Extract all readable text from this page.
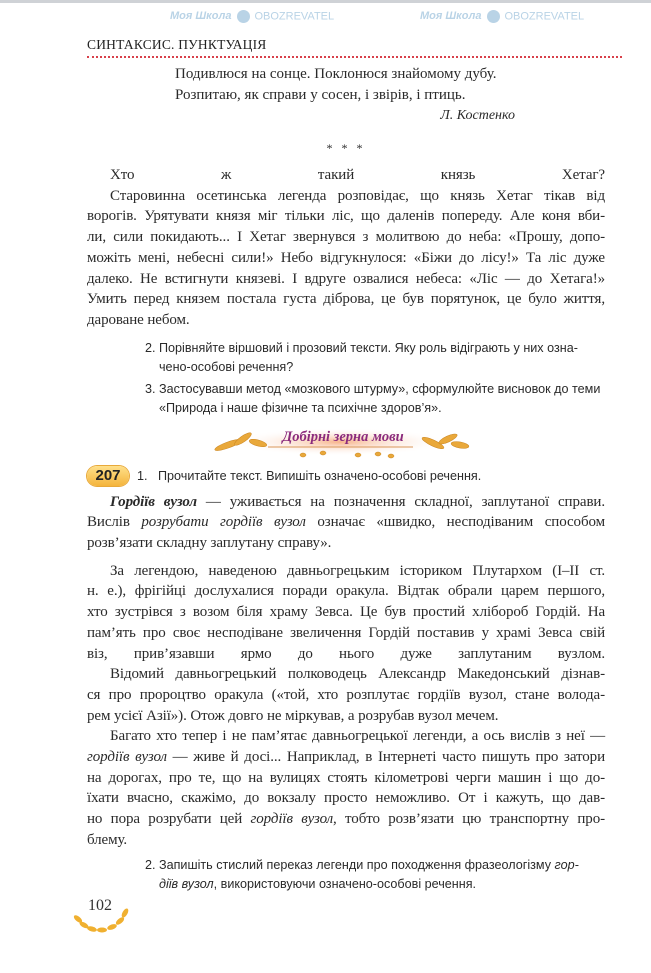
Моя Школа OBOZREVATEL	Моя Школа OBOZREVATEL
СИНТАКСИС. ПУНКТУАЦІЯ
Подивлюся на сонце. Поклонюся знайомому дубу.
Розпитаю, як справи у сосен, і звірів, і птиць.
Л. Костенко
* * *
Хто ж такий князь Хетаг?
Старовинна осетинська легенда розповідає, що князь Хетаг тікав від
ворогів. Урятувати князя міг тільки ліс, що даленів попереду. Але коня вби-
ли, сили покидають... І Хетаг звернувся з молитвою до неба: «Прошу, допо-
можіть мені, небесні сили!» Небо відгукнулося: «Біжи до лісу!» Та ліс дуже
далеко. Не встигнути князеві. І вдруге озвалися небеса: «Ліс — до Хетага!»
Умить перед князем постала густа діброва, це був порятунок, це було життя,
дароване небом.
2. Порівняйте віршовий і прозовий тексти. Яку роль відіграють у них озна-
чено-особові речення?
3. Застосувавши метод «мозкового штурму», сформулюйте висновок до теми
«Природа і наше фізичне та психічне здоров’я».
Добірні зерна мови
207	1. Прочитайте текст. Випишіть означено-особові речення.
Гордіїв вузол — уживається на позначення складної, заплутаної справи.
Вислів розрубати гордіїв вузол означає «швидко, несподіваним способом
розв’язати складну заплутану справу».
За легендою, наведеною давньогрецьким істориком Плутархом (I–II ст.
н. е.), фрігійці дослухалися поради оракула. Відтак обрали царем першого,
хто зустрівся з возом біля храму Зевса. Це був простий хлібороб Гордій. На
пам’ять про своє несподіване звеличення Гордій поставив у храмі Зевса свій
віз, прив’язавши ярмо до нього дуже заплутаним вузлом.
Відомий давньогрецький полководець Александр Македонський дізнав-
ся про пророцтво оракула («той, хто розплутає гордіїв вузол, стане волода-
рем усієї Азії»). Отож довго не міркував, а розрубав вузол мечем.
Багато хто тепер і не пам’ятає давньогрецької легенди, а ось вислів з неї —
гордіїв вузол — живе й досі... Наприклад, в Інтернеті часто пишуть про затори
на дорогах, про те, що на вулицях стоять кілометрові черги машин і що до-
їхати вчасно, скажімо, до вокзалу просто неможливо. От і кажуть, що дав-
но пора розрубати цей гордіїв вузол, тобто розв’язати цю транспортну про-
блему.
2. Запишіть стислий переказ легенди про походження фразеологізму гор-
діїв вузол, використовуючи означено-особові речення.
102
